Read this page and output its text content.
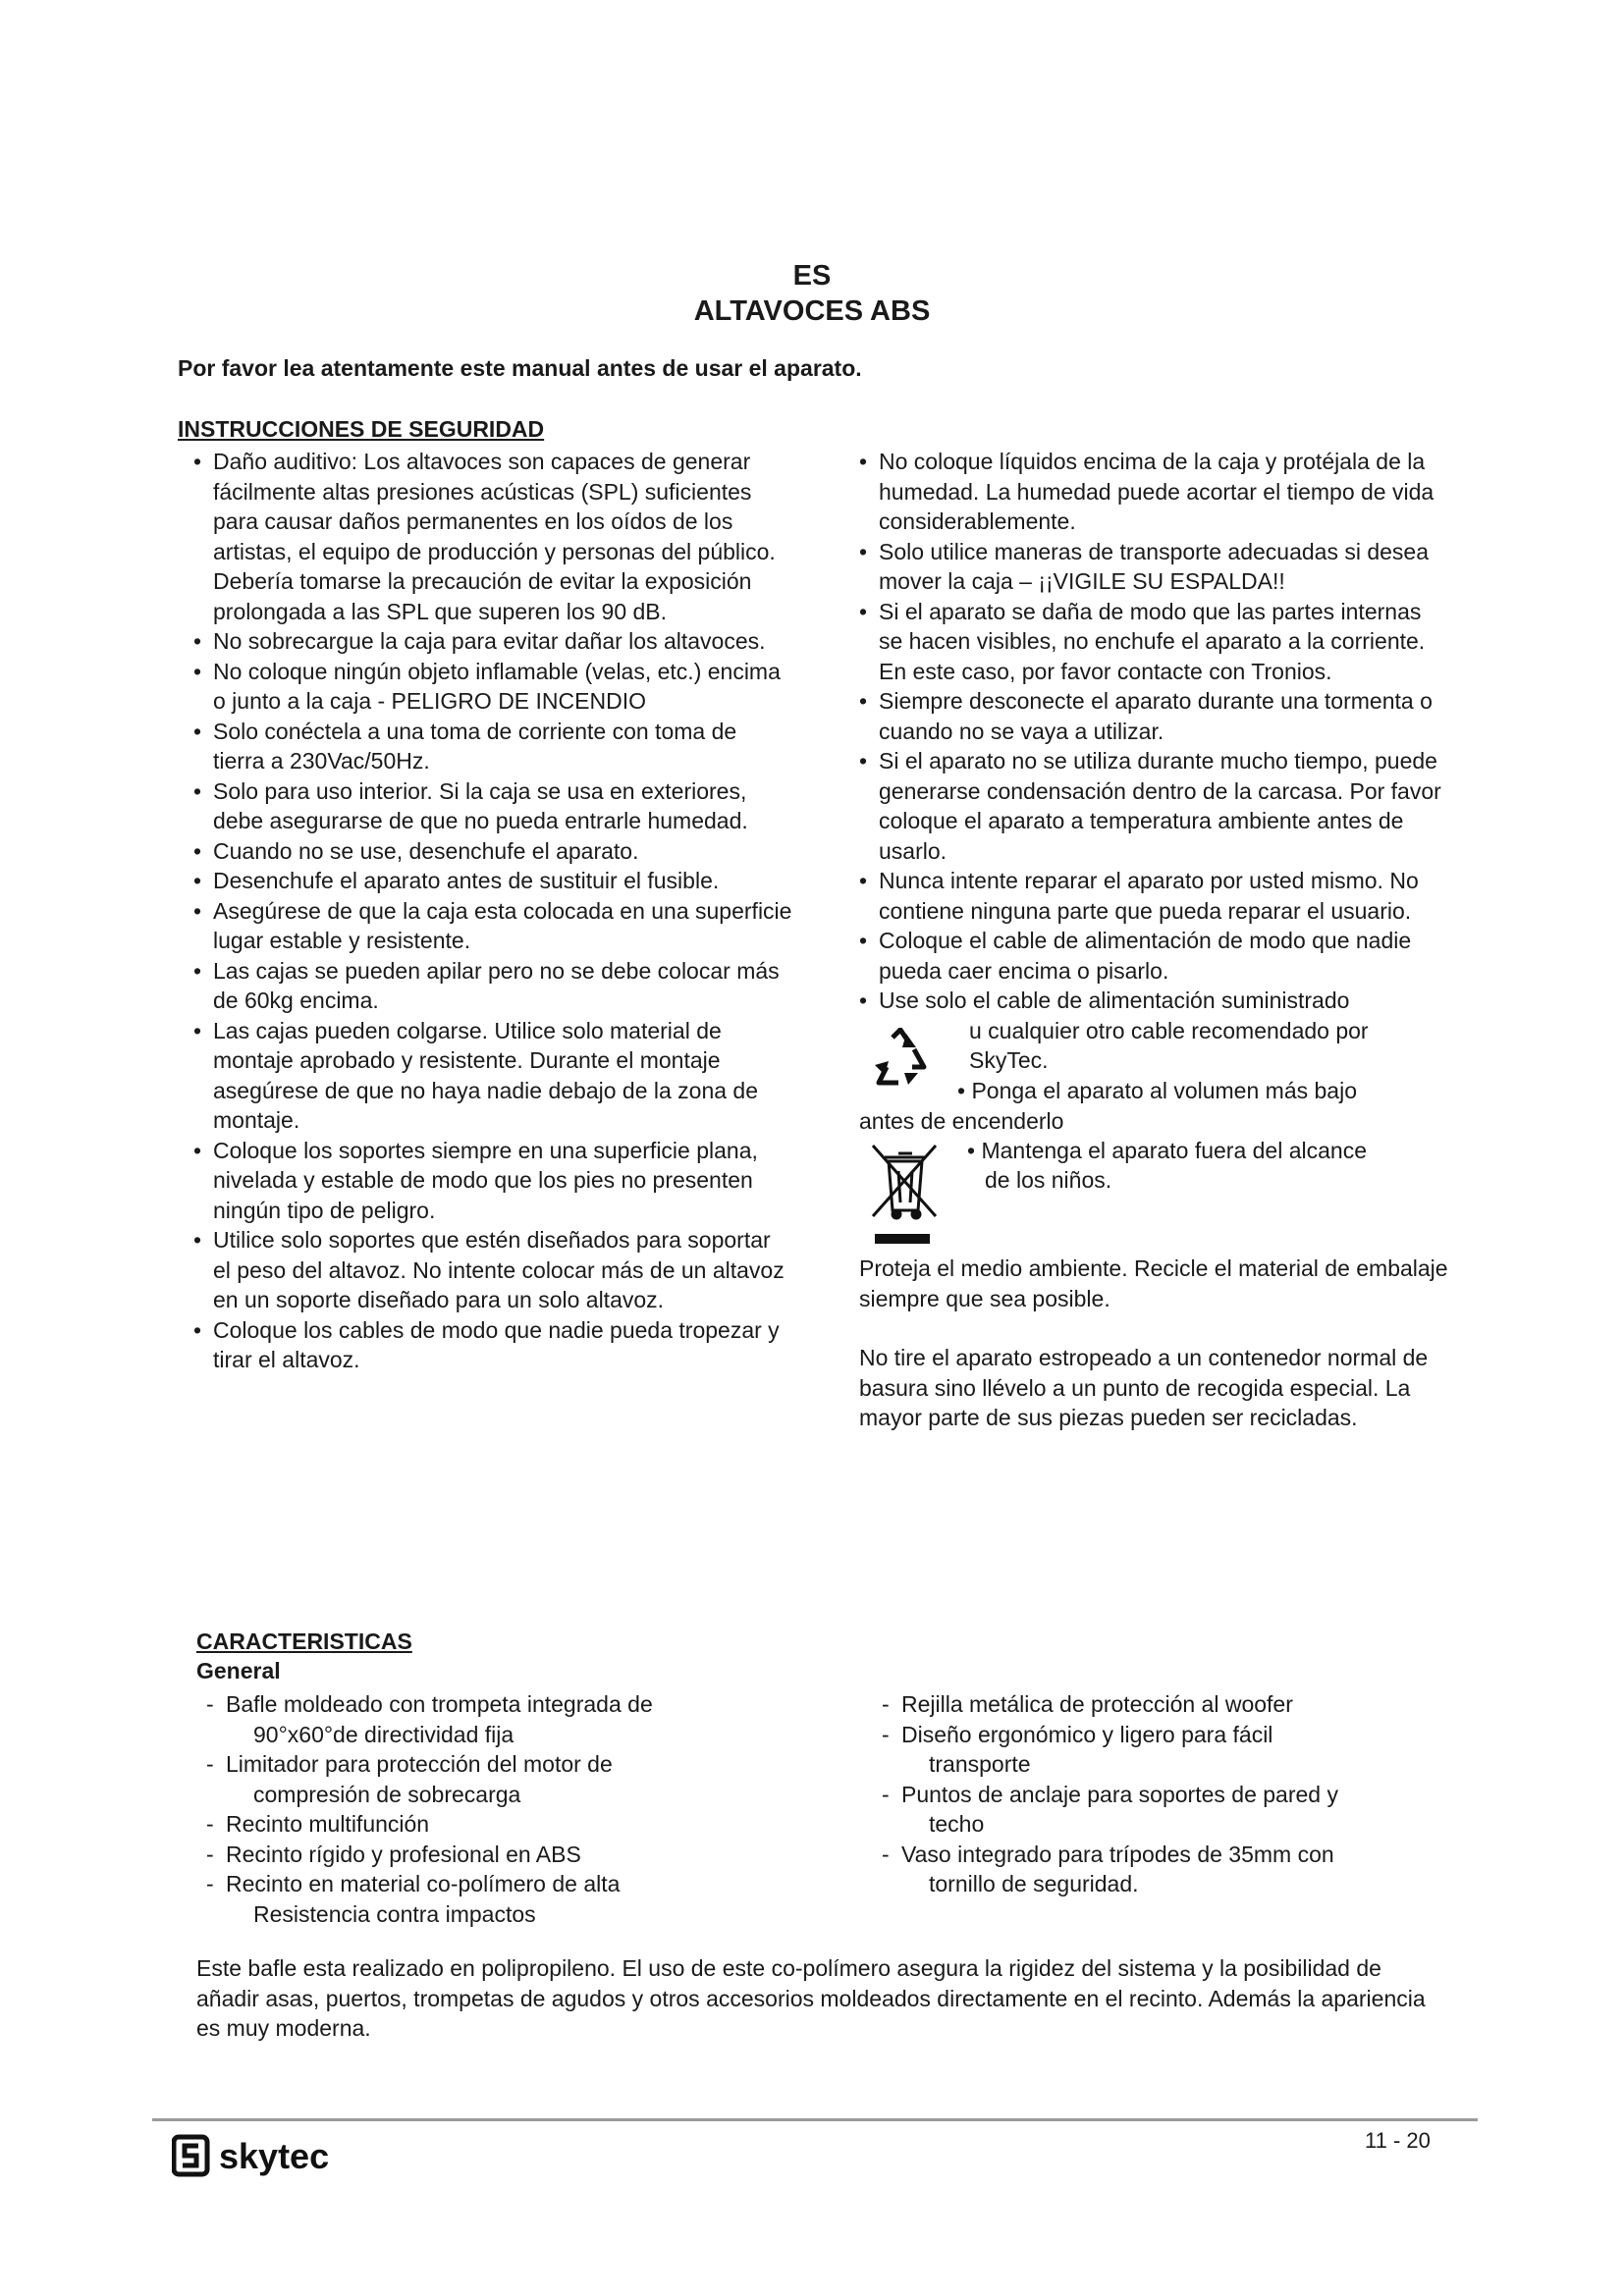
ES
ALTAVOCES ABS
Por favor lea atentamente este manual antes de usar el aparato.
INSTRUCCIONES DE SEGURIDAD
• Daño auditivo: Los altavoces son capaces de generar fácilmente altas presiones acústicas (SPL) suficientes para causar daños permanentes en los oídos de los artistas, el equipo de producción y personas del público. Debería tomarse la precaución de evitar la exposición prolongada a las SPL que superen los 90 dB.
• No sobrecargue la caja para evitar dañar los altavoces.
• No coloque ningún objeto inflamable (velas, etc.) encima o junto a la caja - PELIGRO DE INCENDIO
• Solo conéctela a una toma de corriente con toma de tierra a 230Vac/50Hz.
• Solo para uso interior. Si la caja se usa en exteriores, debe asegurarse de que no pueda entrarle humedad.
• Cuando no se use, desenchufe el aparato.
• Desenchufe el aparato antes de sustituir el fusible.
• Asegúrese de que la caja esta colocada en una superficie lugar estable y resistente.
• Las cajas se pueden apilar pero no se debe colocar más de 60kg encima.
• Las cajas pueden colgarse. Utilice solo material de montaje aprobado y resistente. Durante el montaje asegúrese de que no haya nadie debajo de la zona de montaje.
• Coloque los soportes siempre en una superficie plana, nivelada y estable de modo que los pies no presenten ningún tipo de peligro.
• Utilice solo soportes que estén diseñados para soportar el peso del altavoz. No intente colocar más de un altavoz en un soporte diseñado para un solo altavoz.
• Coloque los cables de modo que nadie pueda tropezar y tirar el altavoz.
• No coloque líquidos encima de la caja y protéjala de la humedad. La humedad puede acortar el tiempo de vida considerablemente.
• Solo utilice maneras de transporte adecuadas si desea mover la caja – ¡¡VIGILE SU ESPALDA!!
• Si el aparato se daña de modo que las partes internas se hacen visibles, no enchufe el aparato a la corriente. En este caso, por favor contacte con Tronios.
• Siempre desconecte el aparato durante una tormenta o cuando no se vaya a utilizar.
• Si el aparato no se utiliza durante mucho tiempo, puede generarse condensación dentro de la carcasa. Por favor coloque el aparato a temperatura ambiente antes de usarlo.
• Nunca intente reparar el aparato por usted mismo. No contiene ninguna parte que pueda reparar el usuario.
• Coloque el cable de alimentación de modo que nadie pueda caer encima o pisarlo.
• Use solo el cable de alimentación suministrado
u cualquier otro cable recomendado por
SkyTec.
• Ponga el aparato al volumen más bajo
antes de encenderlo
• Mantenga el aparato fuera del alcance
de los niños.
Proteja el medio ambiente. Recicle el material de embalaje siempre que sea posible.
No tire el aparato estropeado a un contenedor normal de basura sino llévelo a un punto de recogida especial. La mayor parte de sus piezas pueden ser recicladas.
CARACTERISTICAS
General
- Bafle moldeado con trompeta integrada de
90°x60°de directividad fija
- Limitador para protección del motor de
compresión de sobrecarga
- Recinto multifunción
- Recinto rígido y profesional en ABS
- Recinto en material co-polímero de alta
Resistencia contra impactos
- Rejilla metálica de protección al woofer
- Diseño ergonómico y ligero para fácil
transporte
- Puntos de anclaje para soportes de pared y
techo
- Vaso integrado para trípodes de 35mm con
tornillo de seguridad.
Este bafle esta realizado en polipropileno. El uso de este co-polímero asegura la rigidez del sistema y la posibilidad de añadir asas, puertos, trompetas de agudos y otros accesorios moldeados directamente en el recinto. Además la apariencia es muy moderna.
skytec	11 - 20
